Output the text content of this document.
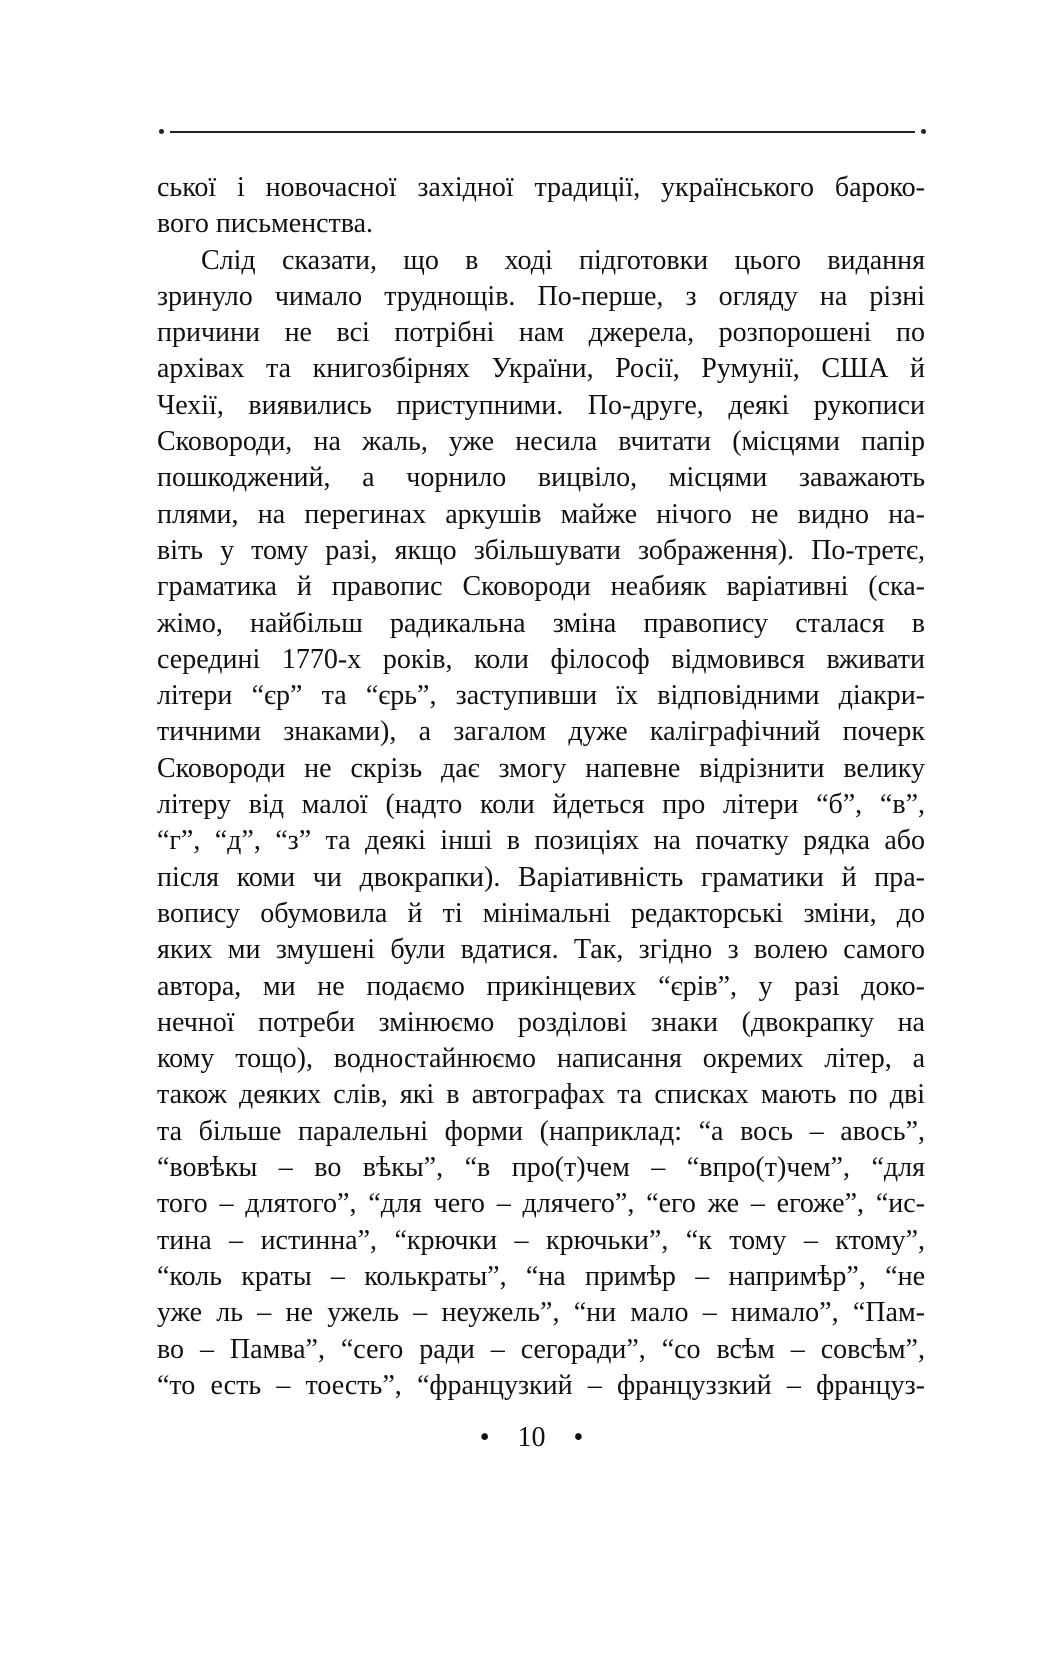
ської і новочасної західної традиції, українського бароко-
вого письменства.
Слід сказати, що в ході підготовки цього видання
зринуло чимало труднощів. По-перше, з огляду на різні
причини не всі потрібні нам джерела, розпорошені по
архівах та книгозбірнях України, Росії, Румунії, США й
Чехії, виявились приступними. По-друге, деякі рукописи
Сковороди, на жаль, уже несила вчитати (місцями папір
пошкоджений, а чорнило вицвіло, місцями заважають
плями, на перегинах аркушів майже нічого не видно на-
віть у тому разі, якщо збільшувати зображення). По-третє,
граматика й правопис Сковороди неабияк варіативні (ска-
жімо, найбільш радикальна зміна правопису сталася в
середині 1770-х років, коли філософ відмовився вживати
літери “єр” та “єрь”, заступивши їх відповідними діакри-
тичними знаками), а загалом дуже каліграфічний почерк
Сковороди не скрізь дає змогу напевне відрізнити велику
літеру від малої (надто коли йдеться про літери “б”, “в”,
“г”, “д”, “з” та деякі інші в позиціях на початку рядка або
після коми чи двокрапки). Варіативність граматики й пра-
вопису обумовила й ті мінімальні редакторські зміни, до
яких ми змушені були вдатися. Так, згідно з волею самого
автора, ми не подаємо прикінцевих “єрів”, у разі доко-
нечної потреби змінюємо розділові знаки (двокрапку на
кому тощо), водностайнюємо написання окремих літер, а
також деяких слів, які в автографах та списках мають по дві
та більше паралельні форми (наприклад: “а вось – авось”,
“вовѣкы – во вѣкы”, “в про(т)чем – “впро(т)чем”, “для
того – длятого”, “для чего – длячего”, “его же – егоже”, “ис-
тина – истинна”, “крючки – крючьки”, “к тому – ктому”,
“коль краты – колькраты”, “на примѣр – напримѣр”, “не
уже ль – не ужель – неужель”, “ни мало – нимало”, “Пам-
во – Памва”, “сего ради – сегоради”, “со всѣм – совсѣм”,
“то есть – тоесть”, “французкий – француззкий – француз-
• 10 •
